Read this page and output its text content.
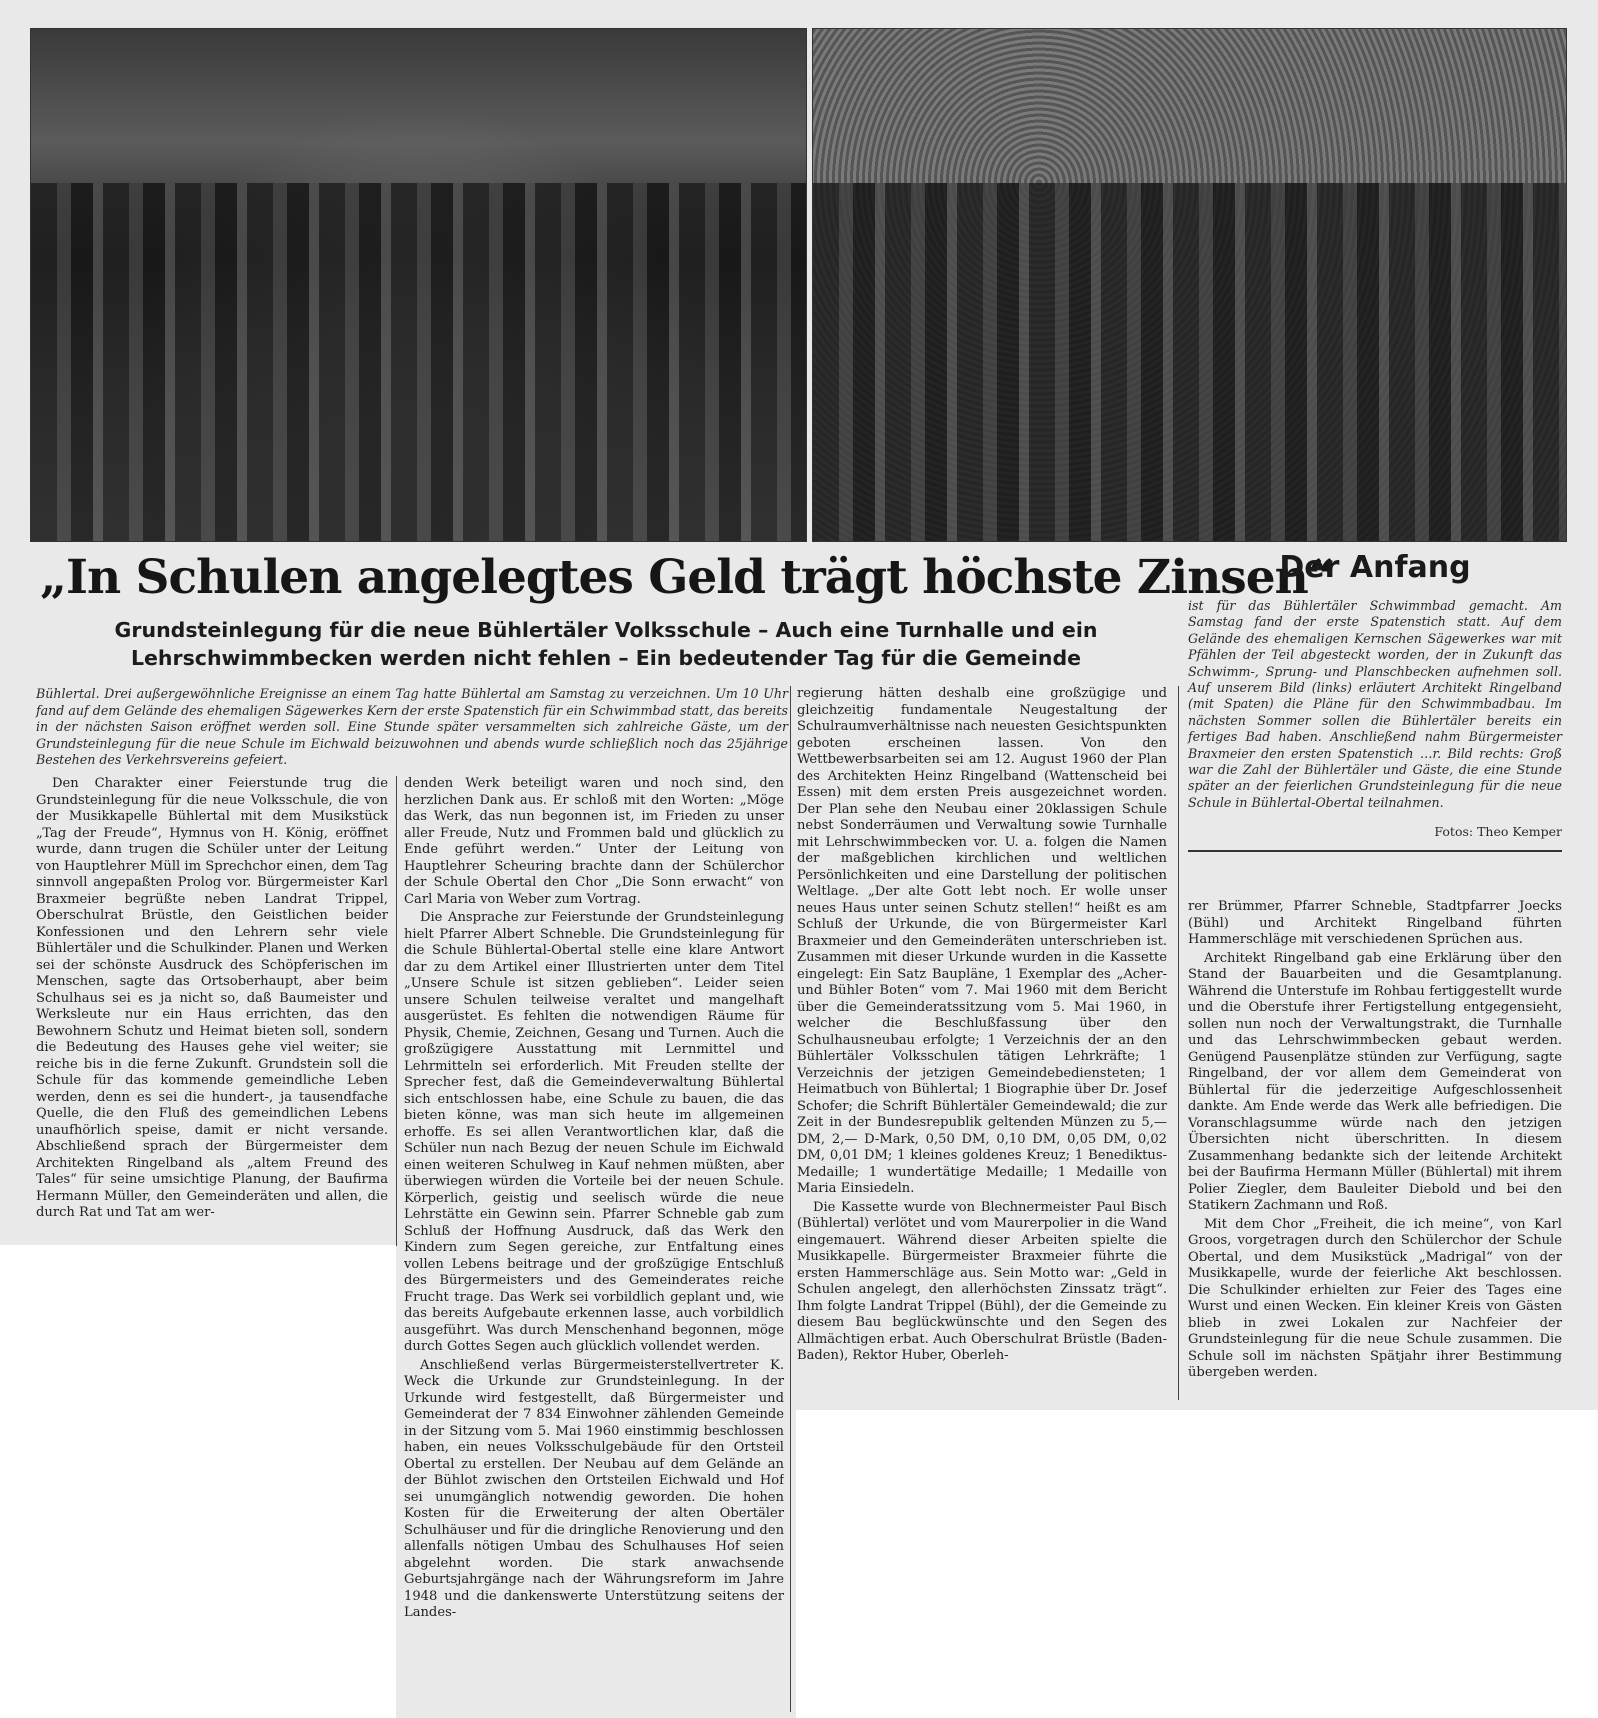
„In Schulen angelegtes Geld trägt höchste Zinsen“
Grundsteinlegung für die neue Bühlertäler Volksschule – Auch eine Turnhalle und ein Lehrschwimmbecken werden nicht fehlen – Ein bedeutender Tag für die Gemeinde
Bühlertal. Drei außergewöhnliche Ereignisse an einem Tag hatte Bühlertal am Samstag zu verzeichnen. Um 10 Uhr fand auf dem Gelände des ehemaligen Sägewerkes Kern der erste Spatenstich für ein Schwimmbad statt, das bereits in der nächsten Saison eröffnet werden soll. Eine Stunde später versammelten sich zahlreiche Gäste, um der Grundsteinlegung für die neue Schule im Eichwald beizuwohnen und abends wurde schließlich noch das 25jährige Bestehen des Verkehrsvereins gefeiert.

Den Charakter einer Feierstunde trug die Grundsteinlegung für die neue Volksschule, die von der Musikkapelle Bühlertal mit dem Musikstück „Tag der Freude“, Hymnus von H. König, eröffnet wurde, dann trugen die Schüler unter der Leitung von Hauptlehrer Müll im Sprechchor einen, dem Tag sinnvoll angepaßten Prolog vor. Bürgermeister Karl Braxmeier begrüßte neben Landrat Trippel, Oberschulrat Brüstle, den Geistlichen beider Konfessionen und den Lehrern sehr viele Bühlertäler und die Schulkinder. Planen und Werken sei der schönste Ausdruck des Schöpferischen im Menschen, sagte das Ortsoberhaupt, aber beim Schulhaus sei es ja nicht so, daß Baumeister und Werksleute nur ein Haus errichten, das den Bewohnern Schutz und Heimat bieten soll, sondern die Bedeutung des Hauses gehe viel weiter; sie reiche bis in die ferne Zukunft. Grundstein soll die Schule für das kommende gemeindliche Leben werden, denn es sei die hundert-, ja tausendfache Quelle, die den Fluß des gemeindlichen Lebens unaufhörlich speise, damit er nicht versande. Abschließend sprach der Bürgermeister dem Architekten Ringelband als „altem Freund des Tales“ für seine umsichtige Planung, der Baufirma Hermann Müller, den Gemeinderäten und allen, die durch Rat und Tat am wer-

denden Werk beteiligt waren und noch sind, den herzlichen Dank aus. Er schloß mit den Worten: „Möge das Werk, das nun begonnen ist, im Frieden zu unser aller Freude, Nutz und Frommen bald und glücklich zu Ende geführt werden.“ Unter der Leitung von Hauptlehrer Scheuring brachte dann der Schülerchor der Schule Obertal den Chor „Die Sonn erwacht“ von Carl Maria von Weber zum Vortrag.

Die Ansprache zur Feierstunde der Grundsteinlegung hielt Pfarrer Albert Schneble. Die Grundsteinlegung für die Schule Bühlertal-Obertal stelle eine klare Antwort dar zu dem Artikel einer Illustrierten unter dem Titel „Unsere Schule ist sitzen geblieben“. Leider seien unsere Schulen teilweise veraltet und mangelhaft ausgerüstet. Es fehlten die notwendigen Räume für Physik, Chemie, Zeichnen, Gesang und Turnen. Auch die großzügigere Ausstattung mit Lernmittel und Lehrmitteln sei erforderlich. Mit Freuden stellte der Sprecher fest, daß die Gemeindeverwaltung Bühlertal sich entschlossen habe, eine Schule zu bauen, die das bieten könne, was man sich heute im allgemeinen erhoffe. Es sei allen Verantwortlichen klar, daß die Schüler nun nach Bezug der neuen Schule im Eichwald einen weiteren Schulweg in Kauf nehmen müßten, aber überwiegen würden die Vorteile bei der neuen Schule. Körperlich, geistig und seelisch würde die neue Lehrstätte ein Gewinn sein. Pfarrer Schneble gab zum Schluß der Hoffnung Ausdruck, daß das Werk den Kindern zum Segen gereiche, zur Entfaltung eines vollen Lebens beitrage und der großzügige Entschluß des Bürgermeisters und des Gemeinderates reiche Frucht trage. Das Werk sei vorbildlich geplant und, wie das bereits Aufgebaute erkennen lasse, auch vorbildlich ausgeführt. Was durch Menschenhand begonnen, möge durch Gottes Segen auch glücklich vollendet werden.

Anschließend verlas Bürgermeisterstellvertreter K. Weck die Urkunde zur Grundsteinlegung. In der Urkunde wird festgestellt, daß Bürgermeister und Gemeinderat der 7 834 Einwohner zählenden Gemeinde in der Sitzung vom 5. Mai 1960 einstimmig beschlossen haben, ein neues Volksschulgebäude für den Ortsteil Obertal zu erstellen. Der Neubau auf dem Gelände an der Bühlot zwischen den Ortsteilen Eichwald und Hof sei unumgänglich notwendig geworden. Die hohen Kosten für die Erweiterung der alten Obertäler Schulhäuser und für die dringliche Renovierung und den allenfalls nötigen Umbau des Schulhauses Hof seien abgelehnt worden. Die stark anwachsende Geburtsjahrgänge nach der Währungsreform im Jahre 1948 und die dankenswerte Unterstützung seitens der Landes-

regierung hätten deshalb eine großzügige und gleichzeitig fundamentale Neugestaltung der Schulraumverhältnisse nach neuesten Gesichtspunkten geboten erscheinen lassen. Von den Wettbewerbsarbeiten sei am 12. August 1960 der Plan des Architekten Heinz Ringelband (Wattenscheid bei Essen) mit dem ersten Preis ausgezeichnet worden. Der Plan sehe den Neubau einer 20klassigen Schule nebst Sonderräumen und Verwaltung sowie Turnhalle mit Lehrschwimmbecken vor. U. a. folgen die Namen der maßgeblichen kirchlichen und weltlichen Persönlichkeiten und eine Darstellung der politischen Weltlage. „Der alte Gott lebt noch. Er wolle unser neues Haus unter seinen Schutz stellen!“ heißt es am Schluß der Urkunde, die von Bürgermeister Karl Braxmeier und den Gemeinderäten unterschrieben ist. Zusammen mit dieser Urkunde wurden in die Kassette eingelegt: Ein Satz Baupläne, 1 Exemplar des „Acher- und Bühler Boten“ vom 7. Mai 1960 mit dem Bericht über die Gemeinderatssitzung vom 5. Mai 1960, in welcher die Beschlußfassung über den Schulhausneubau erfolgte; 1 Verzeichnis der an den Bühlertäler Volksschulen tätigen Lehrkräfte; 1 Verzeichnis der jetzigen Gemeindebediensteten; 1 Heimatbuch von Bühlertal; 1 Biographie über Dr. Josef Schofer; die Schrift Bühlertäler Gemeindewald; die zur Zeit in der Bundesrepublik geltenden Münzen zu 5,— DM, 2,— D-Mark, 0,50 DM, 0,10 DM, 0,05 DM, 0,02 DM, 0,01 DM; 1 kleines goldenes Kreuz; 1 Benediktus-Medaille; 1 wundertätige Medaille; 1 Medaille von Maria Einsiedeln.

Die Kassette wurde von Blechnermeister Paul Bisch (Bühlertal) verlötet und vom Maurerpolier in die Wand eingemauert. Während dieser Arbeiten spielte die Musikkapelle. Bürgermeister Braxmeier führte die ersten Hammerschläge aus. Sein Motto war: „Geld in Schulen angelegt, den allerhöchsten Zinssatz trägt“. Ihm folgte Landrat Trippel (Bühl), der die Gemeinde zu diesem Bau beglückwünschte und den Segen des Allmächtigen erbat. Auch Oberschulrat Brüstle (Baden-Baden), Rektor Huber, Oberleh-

Der Anfang
ist für das Bühlertäler Schwimmbad gemacht. Am Samstag fand der erste Spatenstich statt. Auf dem Gelände des ehemaligen Kernschen Sägewerkes war mit Pfählen der Teil abgesteckt worden, der in Zukunft das Schwimm-, Sprung- und Planschbecken aufnehmen soll. Auf unserem Bild (links) erläutert Architekt Ringelband (mit Spaten) die Pläne für den Schwimmbadbau. Im nächsten Sommer sollen die Bühlertäler bereits ein fertiges Bad haben. Anschließend nahm Bürgermeister Braxmeier den ersten Spatenstich …r. Bild rechts: Groß war die Zahl der Bühlertäler und Gäste, die eine Stunde später an der feierlichen Grundsteinlegung für die neue Schule in Bühlertal-Obertal teilnahmen.
Fotos: Theo Kemper

rer Brümmer, Pfarrer Schneble, Stadtpfarrer Joecks (Bühl) und Architekt Ringelband führten Hammerschläge mit verschiedenen Sprüchen aus.

Architekt Ringelband gab eine Erklärung über den Stand der Bauarbeiten und die Gesamtplanung. Während die Unterstufe im Rohbau fertiggestellt wurde und die Oberstufe ihrer Fertigstellung entgegensieht, sollen nun noch der Verwaltungstrakt, die Turnhalle und das Lehrschwimmbecken gebaut werden. Genügend Pausenplätze stünden zur Verfügung, sagte Ringelband, der vor allem dem Gemeinderat von Bühlertal für die jederzeitige Aufgeschlossenheit dankte. Am Ende werde das Werk alle befriedigen. Die Voranschlagsumme würde nach den jetzigen Übersichten nicht überschritten. In diesem Zusammenhang bedankte sich der leitende Architekt bei der Baufirma Hermann Müller (Bühlertal) mit ihrem Polier Ziegler, dem Bauleiter Diebold und bei den Statikern Zachmann und Roß.

Mit dem Chor „Freiheit, die ich meine“, von Karl Groos, vorgetragen durch den Schülerchor der Schule Obertal, und dem Musikstück „Madrigal“ von der Musikkapelle, wurde der feierliche Akt beschlossen. Die Schulkinder erhielten zur Feier des Tages eine Wurst und einen Wecken. Ein kleiner Kreis von Gästen blieb in zwei Lokalen zur Nachfeier der Grundsteinlegung für die neue Schule zusammen. Die Schule soll im nächsten Spätjahr ihrer Bestimmung übergeben werden.
